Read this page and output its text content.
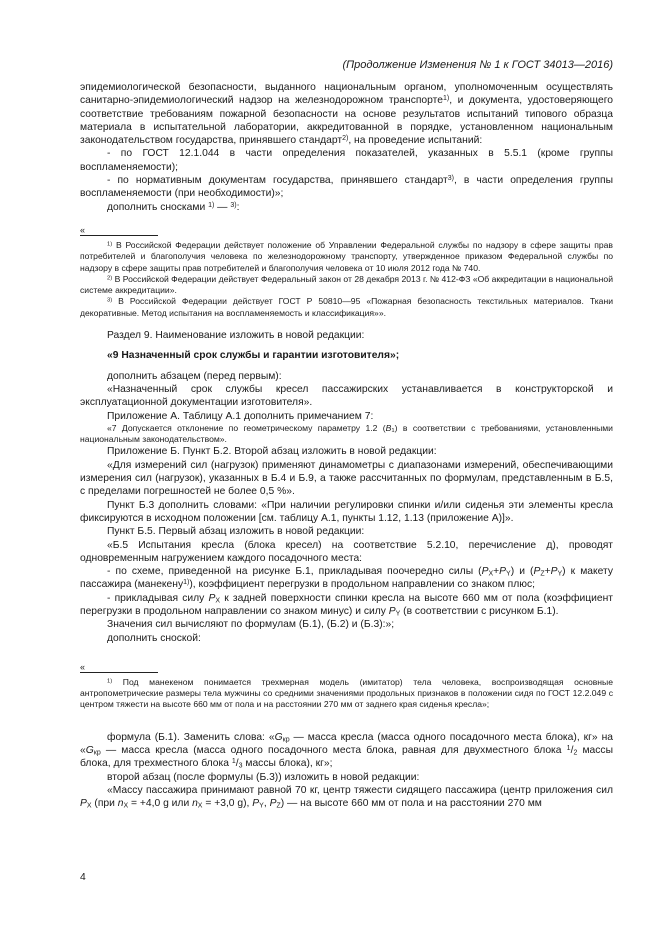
(Продолжение Изменения № 1 к ГОСТ 34013—2016)

эпидемиологической безопасности, выданного национальным органом, уполномоченным осуществлять санитарно-эпидемиологический надзор на железнодорожном транспорте$^{1)}$, и документа, удостоверяющего соответствие требованиям пожарной безопасности на основе результатов испытаний типового образца материала в испытательной лаборатории, аккредитованной в порядке, установленном национальным законодательством государства, принявшего стандарт$^{2)}$, на проведение испытаний:

- по ГОСТ 12.1.044 в части определения показателей, указанных в 5.5.1 (кроме группы воспламеняемости);

- по нормативным документам государства, принявшего стандарт$^{3)}$, в части определения группы воспламеняемости (при необходимости)»;

дополнить сносками $^{1)}$ — $^{3)}$:

«

$^{1)}$ В Российской Федерации действует положение об Управлении Федеральной службы по надзору в сфере защиты прав потребителей и благополучия человека по железнодорожному транспорту, утвержденное приказом Федеральной службы по надзору в сфере защиты прав потребителей и благополучия человека от 10 июля 2012 года № 740.

$^{2)}$ В Российской Федерации действует Федеральный закон от 28 декабря 2013 г. № 412-ФЗ «Об аккредитации в национальной системе аккредитации».

$^{3)}$ В Российской Федерации действует ГОСТ Р 50810—95 «Пожарная безопасность текстильных материалов. Ткани декоративные. Метод испытания на воспламеняемость и классификация»».

Раздел 9. Наименование изложить в новой редакции:

«9 Назначенный срок службы и гарантии изготовителя»;

дополнить абзацем (перед первым):

«Назначенный срок службы кресел пассажирских устанавливается в конструкторской и эксплуатационной документации изготовителя».

Приложение А. Таблицу А.1 дополнить примечанием 7:

«7 Допускается отклонение по геометрическому параметру 1.2 $(В_1)$ в соответствии с требованиями, установленными национальным законодательством».

Приложение Б. Пункт Б.2. Второй абзац изложить в новой редакции:

«Для измерений сил (нагрузок) применяют динамометры с диапазонами измерений, обеспечивающими измерения сил (нагрузок), указанных в Б.4 и Б.9, а также рассчитанных по формулам, представленным в Б.5, с пределами погрешностей не более 0,5 %».

Пункт Б.3 дополнить словами: «При наличии регулировки спинки и/или сиденья эти элементы кресла фиксируются в исходном положении [см. таблицу А.1, пункты 1.12, 1.13 (приложение А)]».

Пункт Б.5. Первый абзац изложить в новой редакции:

«Б.5 Испытания кресла (блока кресел) на соответствие 5.2.10, перечисление д), проводят одновременным нагружением каждого посадочного места:

- по схеме, приведенной на рисунке Б.1, прикладывая поочередно силы $(P_X+P_Y)$ и $(P_Z+P_Y)$ к макету пассажира (манекену$^{1)}$), коэффициент перегрузки в продольном направлении со знаком плюс;

- прикладывая силу $P_X$ к задней поверхности спинки кресла на высоте 660 мм от пола (коэффициент перегрузки в продольном направлении со знаком минус) и силу $P_Y$ (в соответствии с рисунком Б.1).

Значения сил вычисляют по формулам (Б.1), (Б.2) и (Б.3):»;

дополнить сноской:

«

$^{1)}$ Под манекеном понимается трехмерная модель (имитатор) тела человека, воспроизводящая основные антропометрические размеры тела мужчины со средними значениями продольных признаков в положении сидя по ГОСТ 12.2.049 с центром тяжести на высоте 660 мм от пола и на расстоянии 270 мм от заднего края сиденья кресла»;

формула (Б.1). Заменить слова: «$G_{кр}$ — масса кресла (масса одного посадочного места блока), кг» на «$G_{кр}$ — масса кресла (масса одного посадочного места блока, равная для двухместного блока $^1/_2$ массы блока, для трехместного блока $^1/_3$ массы блока), кг»;

второй абзац (после формулы (Б.3)) изложить в новой редакции:

«Массу пассажира принимают равной 70 кг, центр тяжести сидящего пассажира (центр приложения сил $P_X$ (при $n_X = +4,0$ g или $n_X = +3,0$ g), $P_Y$, $P_Z$) — на высоте 660 мм от пола и на расстоянии 270 мм

4
